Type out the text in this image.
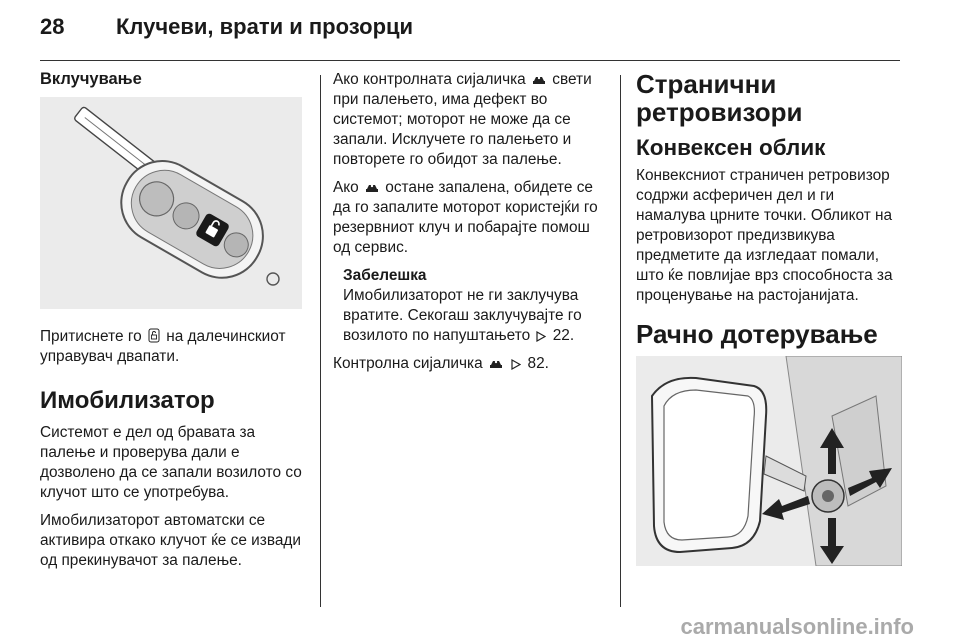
28 Клучеви, врати и прозорци
Вклучување

Притиснете го на далечинскиот управувач двапати.

Имобилизатор

Системот е дел од бравата за палење и проверува дали е дозволено да се запали возилото со клучот што се употребува.

Имобилизаторот автоматски се активира откако клучот ќе се извади од прекинувачот за палење.

Ако контролната сијаличка свети при палењето, има дефект во системот; моторот не може да се запали. Исклучете го палењето и повторете го обидот за палење.

Ако остане запалена, обидете се да го запалите моторот користејќи го резервниот клуч и побарајте помош од сервис.

Забелешка

Имобилизаторот не ги заклучува вратите. Секогаш заклучувајте го возилото по напуштањето 22.

Контролна сијаличка
	82.

Странични ретровизори
Конвексен облик

Конвексниот страничен ретровизор содржи асферичен дел и ги намалува црните точки. Обликот на ретровизорот предизвикува предметите да изгледаат помали, што ќе повлијае врз способноста за проценување на растојанијата.

Рачно дотерување
carmanualsonline.info
